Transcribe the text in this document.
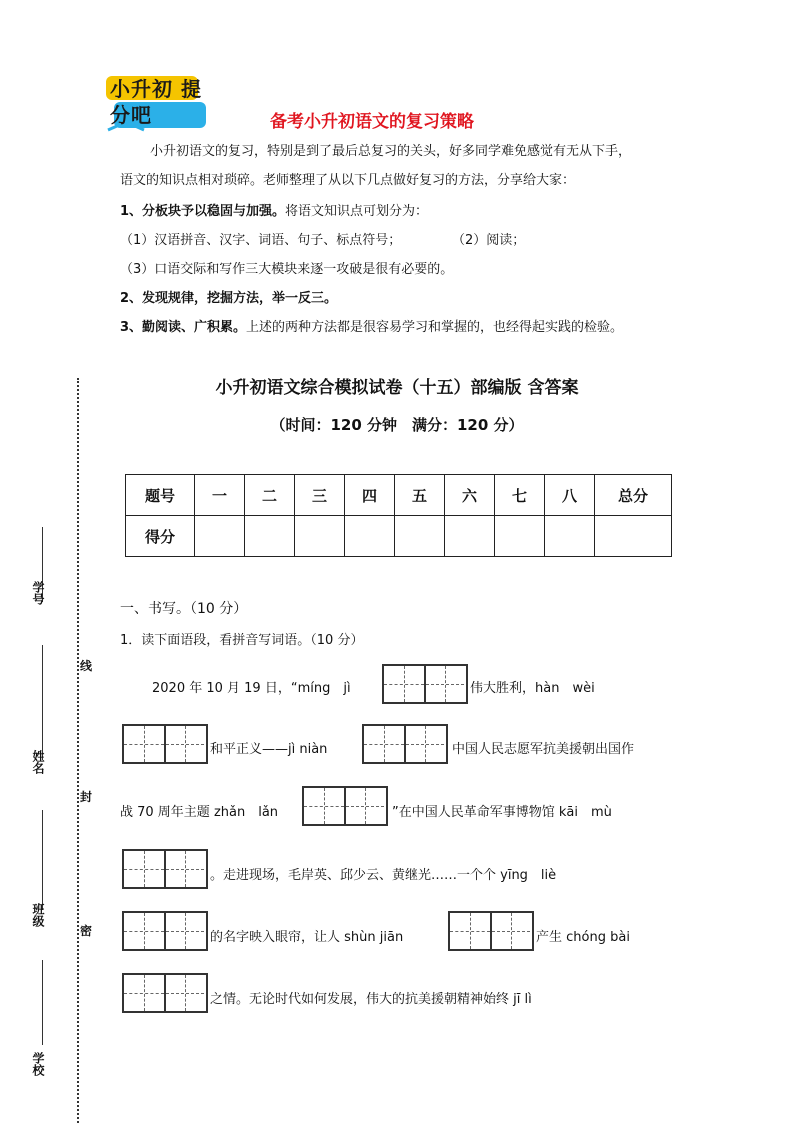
小升初 提分吧	备考小升初语文的复习策略
小升初语文的复习，特别是到了最后总复习的关头，好多同学难免感觉有无从下手，
语文的知识点相对琐碎。老师整理了从以下几点做好复习的方法，分享给大家：
1、分板块予以稳固与加强。将语文知识点可划分为：
（1）汉语拼音、汉字、词语、句子、标点符号；	（2）阅读；
（3）口语交际和写作三大模块来逐一攻破是很有必要的。
2、发现规律，挖掘方法，举一反三。
3、勤阅读、广积累。上述的两种方法都是很容易学习和掌握的，也经得起实践的检验。
小升初语文综合模拟试卷（十五）部编版 含答案
（时间：120 分钟　满分：120 分）
题号	一	二	三	四	五	六	七	八	总分
得分									
一、书写。（10 分）
1．读下面语段，看拼音写词语。（10 分）
2020 年 10 月 19 日，“míng　jì	伟大胜利，hàn　wèi
和平正义——jì niàn	中国人民志愿军抗美援朝出国作
战 70 周年主题 zhǎn　lǎn	”在中国人民革命军事博物馆 kāi　mù
。走进现场，毛岸英、邱少云、黄继光……一个个 yīng　liè
的名字映入眼帘，让人 shùn jiān	产生 chóng bài
之情。无论时代如何发展，伟大的抗美援朝精神始终 jī lì
学号
姓名
班级
学校
线
封
密
